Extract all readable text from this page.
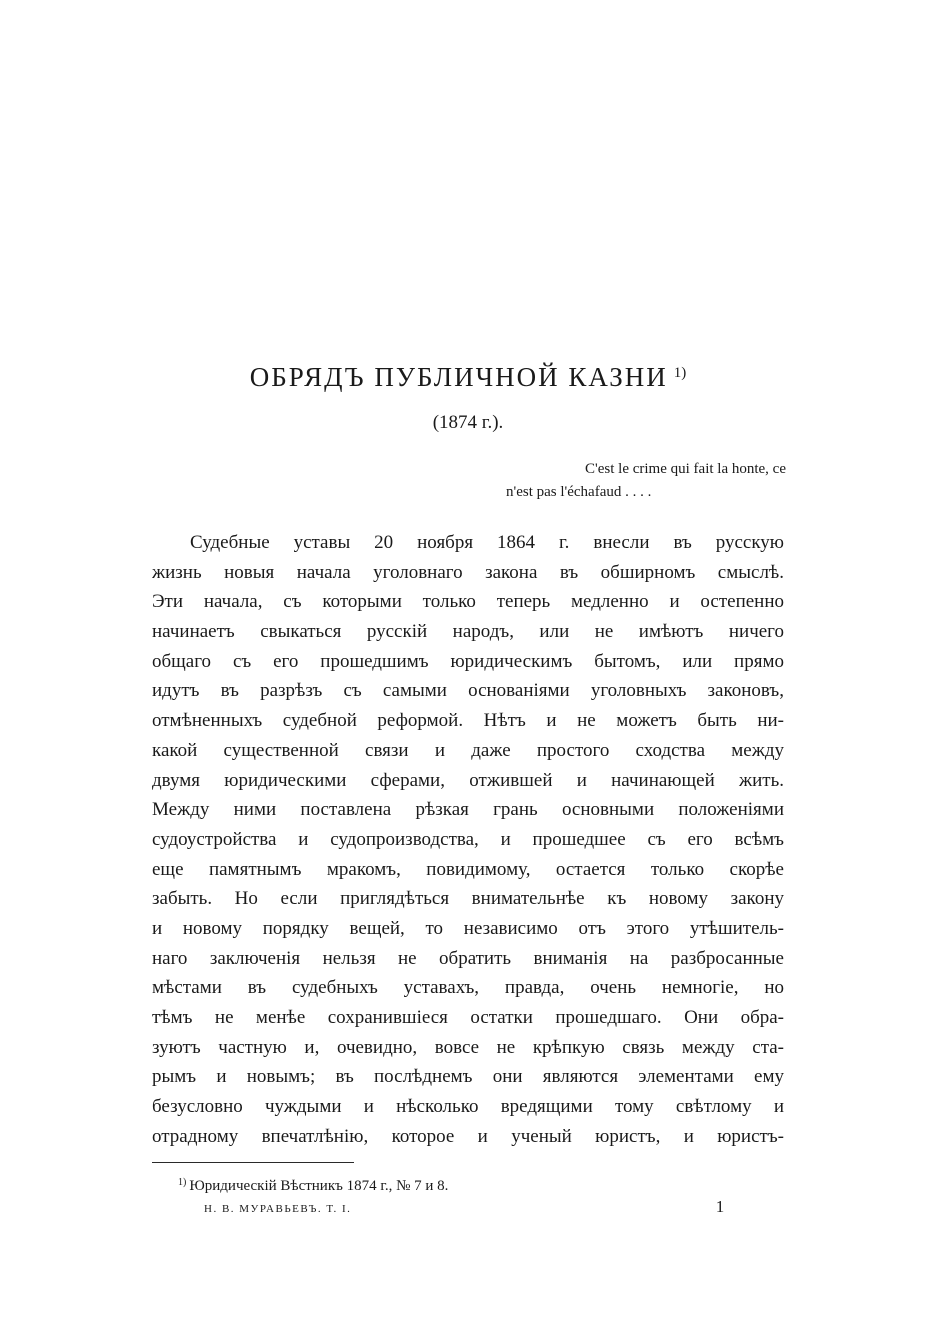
ОБРЯДЪ ПУБЛИЧНОЙ КАЗНИ $^{1)}$

(1874 г.).

C'est le crime qui fait la honte, ce
n'est pas l'échafaud . . . .

Судебные уставы 20 ноября 1864 г. внесли въ русскую
жизнь новыя начала уголовнаго закона въ обширномъ смыслѣ.
Эти начала, съ которыми только теперь медленно и остепенно
начинаетъ свыкаться русскій народъ, или не имѣютъ ничего
общаго съ его прошедшимъ юридическимъ бытомъ, или прямо
идутъ въ разрѣзъ съ самыми основаніями уголовныхъ законовъ,
отмѣненныхъ судебной реформой. Нѣтъ и не можетъ быть ни-
какой существенной связи и даже простого сходства между
двумя юридическими сферами, отжившей и начинающей жить.
Между ними поставлена рѣзкая грань основными положеніями
судоустройства и судопроизводства, и прошедшее съ его всѣмъ
еще памятнымъ мракомъ, повидимому, остается только скорѣе
забыть. Но если приглядѣться внимательнѣе къ новому закону
и новому порядку вещей, то независимо отъ этого утѣшитель-
наго заключенія нельзя не обратить вниманія на разбросанные
мѣстами въ судебныхъ уставахъ, правда, очень немногіе, но
тѣмъ не менѣе сохранившіеся остатки прошедшаго. Они обра-
зуютъ частную и, очевидно, вовсе не крѣпкую связь между ста-
рымъ и новымъ; въ послѣднемъ они являются элементами ему
безусловно чуждыми и нѣсколько вредящими тому свѣтлому и
отрадному впечатлѣнію, которое и ученый юристъ, и юристъ-

$^{1)}$ Юридическій Вѣстникъ 1874 г., № 7 и 8.

Н. В. МУРАВЬЕВЪ. Т. I.	1
